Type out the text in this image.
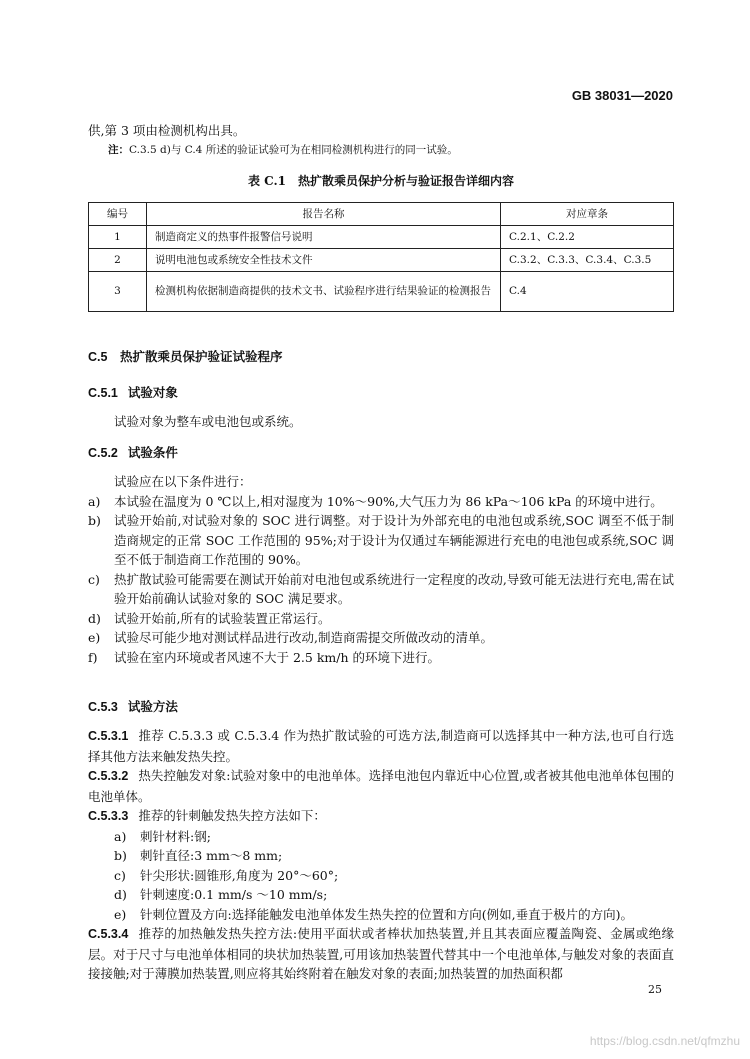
GB 38031—2020
供,第 3 项由检测机构出具。
注：C.3.5 d)与 C.4 所述的验证试验可为在相同检测机构进行的同一试验。
表 C.1　热扩散乘员保护分析与验证报告详细内容
编号	报告名称	对应章条
1	制造商定义的热事件报警信号说明	C.2.1、C.2.2
2	说明电池包或系统安全性技术文件	C.3.2、C.3.3、C.3.4、C.3.5
3	检测机构依据制造商提供的技术文书、试验程序进行结果验证的检测报告	C.4
C.5 热扩散乘员保护验证试验程序
C.5.1 试验对象
试验对象为整车或电池包或系统。
C.5.2 试验条件
试验应在以下条件进行：
a) 本试验在温度为 0 ℃以上,相对湿度为 10%～90%,大气压力为 86 kPa～106 kPa 的环境中进行。
b) 试验开始前,对试验对象的 SOC 进行调整。对于设计为外部充电的电池包或系统,SOC 调至不低于制造商规定的正常 SOC 工作范围的 95%;对于设计为仅通过车辆能源进行充电的电池包或系统,SOC 调至不低于制造商工作范围的 90%。
c) 热扩散试验可能需要在测试开始前对电池包或系统进行一定程度的改动,导致可能无法进行充电,需在试验开始前确认试验对象的 SOC 满足要求。
d) 试验开始前,所有的试验装置正常运行。
e) 试验尽可能少地对测试样品进行改动,制造商需提交所做改动的清单。
f) 试验在室内环境或者风速不大于 2.5 km/h 的环境下进行。
C.5.3 试验方法
C.5.3.1 推荐 C.5.3.3 或 C.5.3.4 作为热扩散试验的可选方法,制造商可以选择其中一种方法,也可自行选择其他方法来触发热失控。
C.5.3.2 热失控触发对象:试验对象中的电池单体。选择电池包内靠近中心位置,或者被其他电池单体包围的电池单体。
C.5.3.3 推荐的针刺触发热失控方法如下：
a) 刺针材料:钢;
b) 刺针直径:3 mm～8 mm;
c) 针尖形状:圆锥形,角度为 20°～60°;
d) 针刺速度:0.1 mm/s ～10 mm/s;
e) 针刺位置及方向:选择能触发电池单体发生热失控的位置和方向(例如,垂直于极片的方向)。
C.5.3.4 推荐的加热触发热失控方法:使用平面状或者棒状加热装置,并且其表面应覆盖陶瓷、金属或绝缘层。对于尺寸与电池单体相同的块状加热装置,可用该加热装置代替其中一个电池单体,与触发对象的表面直接接触;对于薄膜加热装置,则应将其始终附着在触发对象的表面;加热装置的加热面积都
25
https://blog.csdn.net/qfmzhu
